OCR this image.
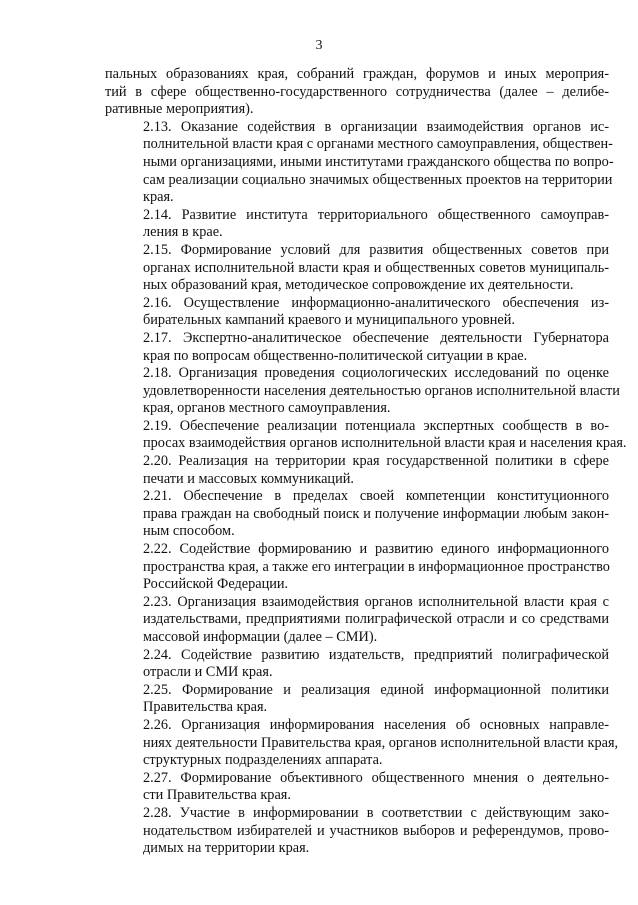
3

пальных образованиях края, собраний граждан, форумов и иных мероприя-
тий в сфере общественно-государственного сотрудничества (далее – делибе-
ративные мероприятия).

2.13. Оказание содействия в организации взаимодействия органов ис-
полнительной власти края с органами местного самоуправления, обществен-
ными организациями, иными институтами гражданского общества по вопро-
сам реализации социально значимых общественных проектов на территории
края.

2.14. Развитие института территориального общественного самоуправ-
ления в крае.

2.15. Формирование условий для развития общественных советов при
органах исполнительной власти края и общественных советов муниципаль-
ных образований края, методическое сопровождение их деятельности.

2.16. Осуществление информационно-аналитического обеспечения из-
бирательных кампаний краевого и муниципального уровней.

2.17. Экспертно-аналитическое обеспечение деятельности Губернатора
края по вопросам общественно-политической ситуации в крае.

2.18. Организация проведения социологических исследований по оценке
удовлетворенности населения деятельностью органов исполнительной власти
края, органов местного самоуправления.

2.19. Обеспечение реализации потенциала экспертных сообществ в во-
просах взаимодействия органов исполнительной власти края и населения края.

2.20. Реализация на территории края государственной политики в сфере
печати и массовых коммуникаций.

2.21. Обеспечение в пределах своей компетенции конституционного
права граждан на свободный поиск и получение информации любым закон-
ным способом.

2.22. Содействие формированию и развитию единого информационного
пространства края, а также его интеграции в информационное пространство
Российской Федерации.

2.23. Организация взаимодействия органов исполнительной власти края с
издательствами, предприятиями полиграфической отрасли и со средствами
массовой информации (далее – СМИ).

2.24. Содействие развитию издательств, предприятий полиграфической
отрасли и СМИ края.

2.25. Формирование и реализация единой информационной политики
Правительства края.

2.26. Организация информирования населения об основных направле-
ниях деятельности Правительства края, органов исполнительной власти края,
структурных подразделениях аппарата.

2.27. Формирование объективного общественного мнения о деятельно-
сти Правительства края.

2.28. Участие в информировании в соответствии с действующим зако-
нодательством избирателей и участников выборов и референдумов, прово-
димых на территории края.
